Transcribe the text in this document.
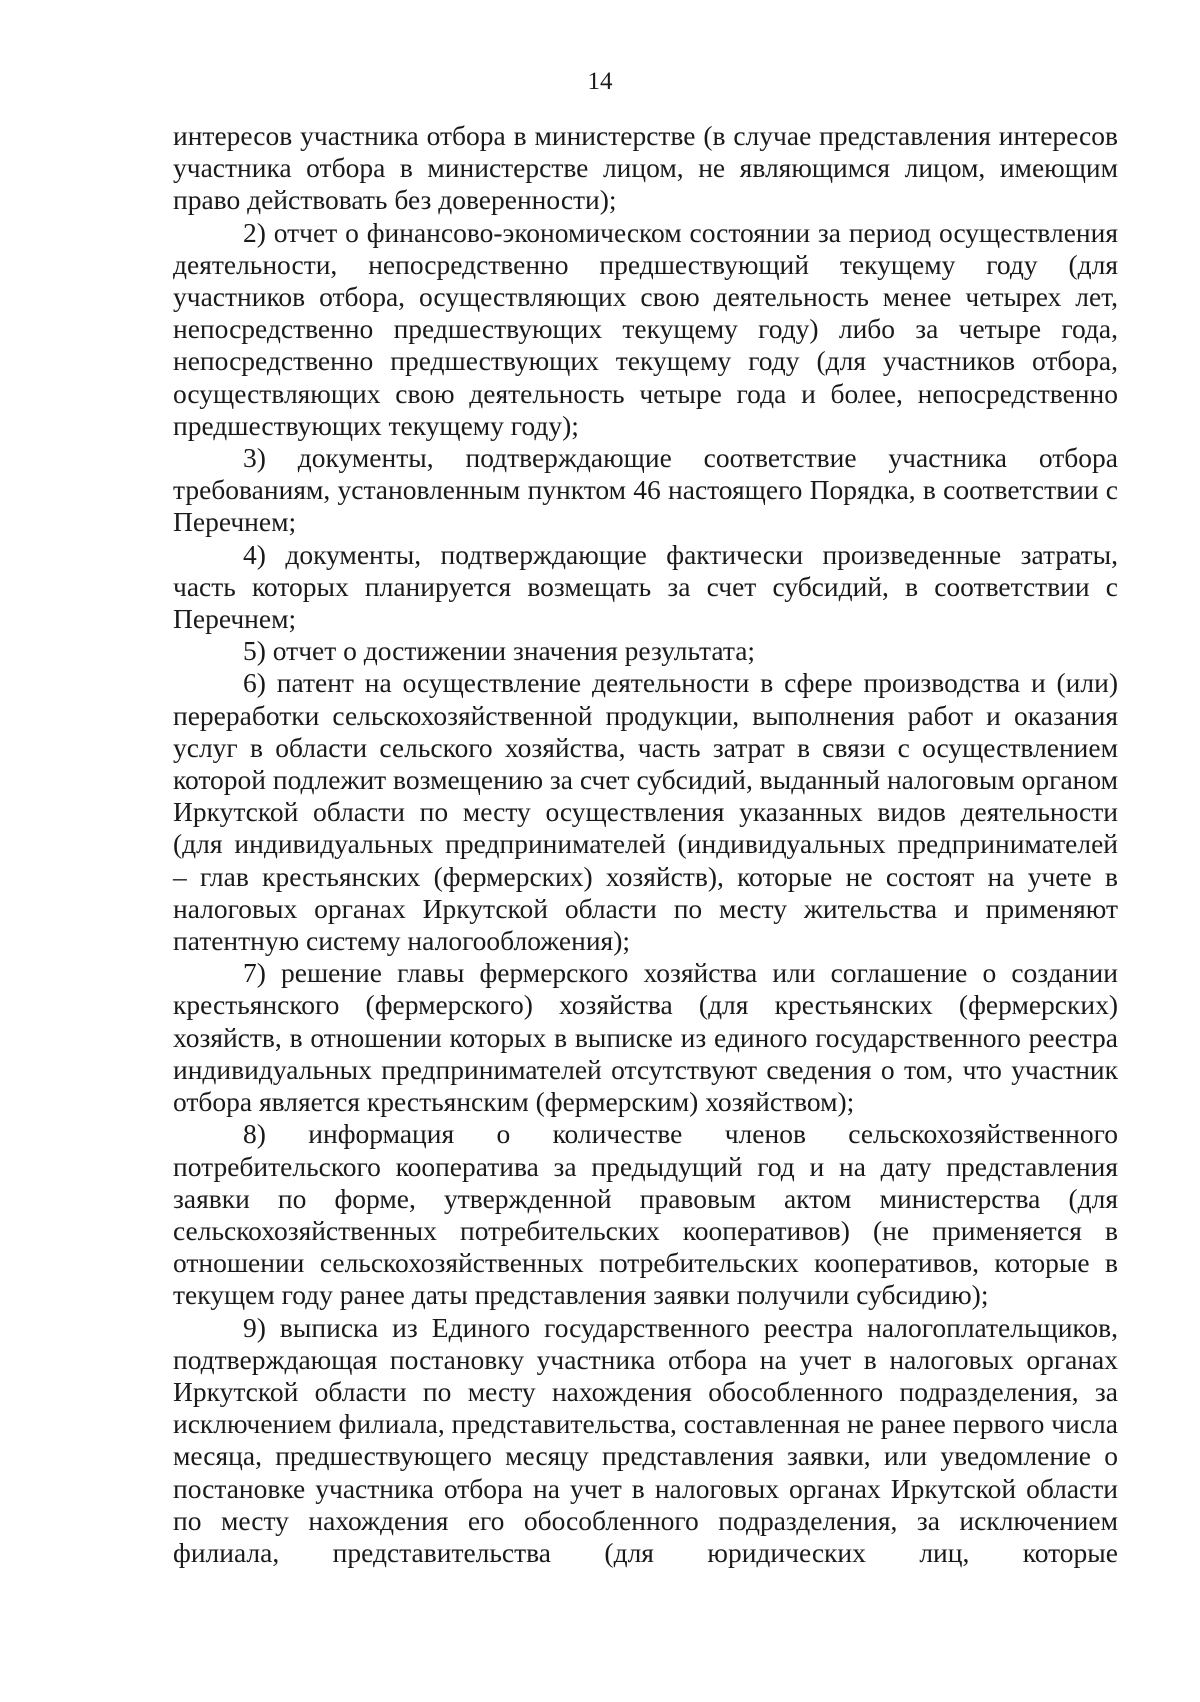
14

интересов участника отбора в министерстве (в случае представления интересов участника отбора в министерстве лицом, не являющимся лицом, имеющим право действовать без доверенности);

2) отчет о финансово-экономическом состоянии за период осуществления деятельности, непосредственно предшествующий текущему году (для участников отбора, осуществляющих свою деятельность менее четырех лет, непосредственно предшествующих текущему году) либо за четыре года, непосредственно предшествующих текущему году (для участников отбора, осуществляющих свою деятельность четыре года и более, непосредственно предшествующих текущему году);

3) документы, подтверждающие соответствие участника отбора требованиям, установленным пунктом 46 настоящего Порядка, в соответствии с Перечнем;

4) документы, подтверждающие фактически произведенные затраты, часть которых планируется возмещать за счет субсидий, в соответствии с Перечнем;

5) отчет о достижении значения результата;

6) патент на осуществление деятельности в сфере производства и (или) переработки сельскохозяйственной продукции, выполнения работ и оказания услуг в области сельского хозяйства, часть затрат в связи с осуществлением которой подлежит возмещению за счет субсидий, выданный налоговым органом Иркутской области по месту осуществления указанных видов деятельности (для индивидуальных предпринимателей (индивидуальных предпринимателей – глав крестьянских (фермерских) хозяйств), которые не состоят на учете в налоговых органах Иркутской области по месту жительства и применяют патентную систему налогообложения);

7) решение главы фермерского хозяйства или соглашение о создании крестьянского (фермерского) хозяйства (для крестьянских (фермерских) хозяйств, в отношении которых в выписке из единого государственного реестра индивидуальных предпринимателей отсутствуют сведения о том, что участник отбора является крестьянским (фермерским) хозяйством);

8) информация о количестве членов сельскохозяйственного потребительского кооператива за предыдущий год и на дату представления заявки по форме, утвержденной правовым актом министерства (для сельскохозяйственных потребительских кооперативов) (не применяется в отношении сельскохозяйственных потребительских кооперативов, которые в текущем году ранее даты представления заявки получили субсидию);

9) выписка из Единого государственного реестра налогоплательщиков, подтверждающая постановку участника отбора на учет в налоговых органах Иркутской области по месту нахождения обособленного подразделения, за исключением филиала, представительства, составленная не ранее первого числа месяца, предшествующего месяцу представления заявки, или уведомление о постановке участника отбора на учет в налоговых органах Иркутской области по месту нахождения его обособленного подразделения, за исключением филиала, представительства (для юридических лиц, которые
